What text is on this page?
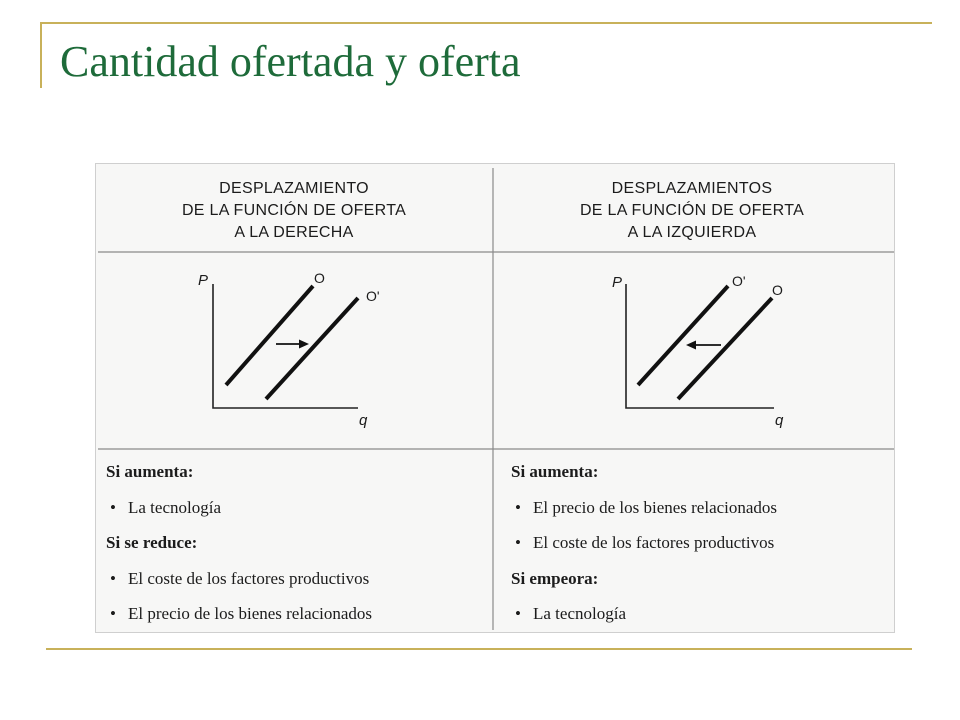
Cantidad ofertada y oferta
DESPLAZAMIENTO
DE LA FUNCIÓN DE OFERTA
A LA DERECHA
DESPLAZAMIENTOS
DE LA FUNCIÓN DE OFERTA
A LA IZQUIERDA
P
q
O
O'
P
q
O'
O
Si aumenta:
• La tecnología
Si se reduce:
• El coste de los factores productivos
• El precio de los bienes relacionados
Si aumenta:
• El precio de los bienes relacionados
• El coste de los factores productivos
Si empeora:
• La tecnología
